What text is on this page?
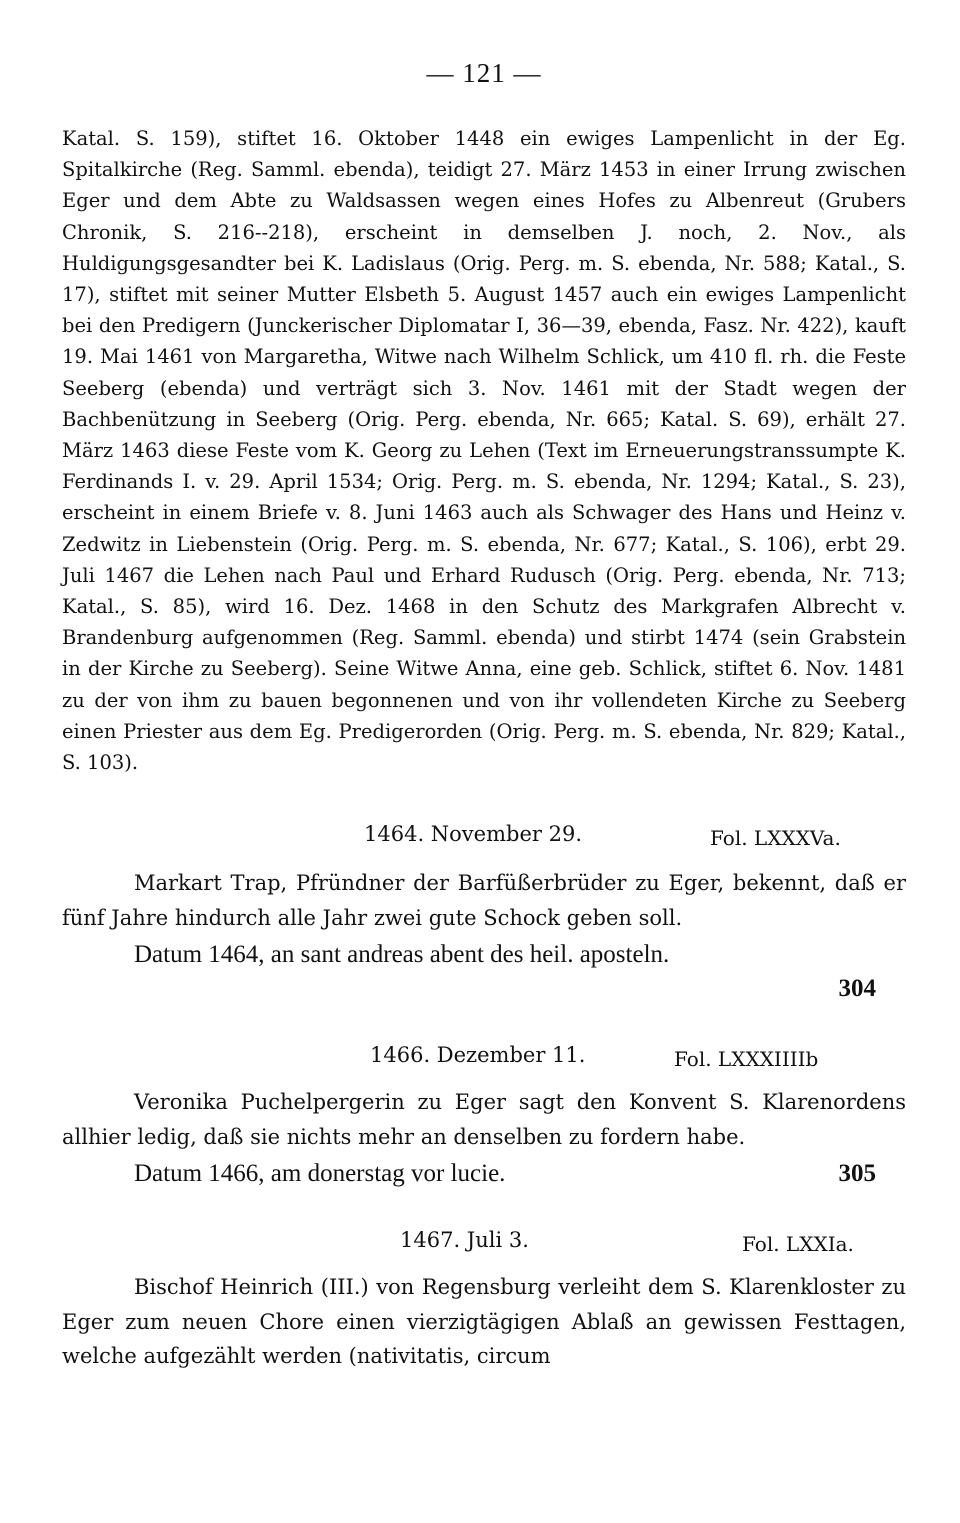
— 121 —

Katal. S. 159), stiftet 16. Oktober 1448 ein ewiges Lampenlicht in der Eg. Spitalkirche (Reg. Samml. ebenda), teidigt 27. März 1453 in einer Irrung zwischen Eger und dem Abte zu Waldsassen wegen eines Hofes zu Albenreut (Grubers Chronik, S. 216--218), erscheint in demselben J. noch, 2. Nov., als Huldigungsgesandter bei K. Ladislaus (Orig. Perg. m. S. ebenda, Nr. 588; Katal., S. 17), stiftet mit seiner Mutter Elsbeth 5. August 1457 auch ein ewiges Lampenlicht bei den Predigern (Junckerischer Diplomatar I, 36—39, ebenda, Fasz. Nr. 422), kauft 19. Mai 1461 von Margaretha, Witwe nach Wilhelm Schlick, um 410 fl. rh. die Feste Seeberg (ebenda) und verträgt sich 3. Nov. 1461 mit der Stadt wegen der Bachbenützung in Seeberg (Orig. Perg. ebenda, Nr. 665; Katal. S. 69), erhält 27. März 1463 diese Feste vom K. Georg zu Lehen (Text im Erneuerungstranssumpte K. Ferdinands I. v. 29. April 1534; Orig. Perg. m. S. ebenda, Nr. 1294; Katal., S. 23), erscheint in einem Briefe v. 8. Juni 1463 auch als Schwager des Hans und Heinz v. Zedwitz in Liebenstein (Orig. Perg. m. S. ebenda, Nr. 677; Katal., S. 106), erbt 29. Juli 1467 die Lehen nach Paul und Erhard Rudusch (Orig. Perg. ebenda, Nr. 713; Katal., S. 85), wird 16. Dez. 1468 in den Schutz des Markgrafen Albrecht v. Brandenburg aufgenommen (Reg. Samml. ebenda) und stirbt 1474 (sein Grabstein in der Kirche zu Seeberg). Seine Witwe Anna, eine geb. Schlick, stiftet 6. Nov. 1481 zu der von ihm zu bauen begonnenen und von ihr vollendeten Kirche zu Seeberg einen Priester aus dem Eg. Predigerorden (Orig. Perg. m. S. ebenda, Nr. 829; Katal., S. 103).

1464. November 29.	Fol. LXXXVa.

Markart Trap, Pfründner der Barfüßerbrüder zu Eger, bekennt, daß er fünf Jahre hindurch alle Jahr zwei gute Schock geben soll.

Datum 1464, an sant andreas abent des heil. aposteln.
304
1466. Dezember 11.	Fol. LXXXIIIIb

Veronika Puchelpergerin zu Eger sagt den Konvent S. Klarenordens allhier ledig, daß sie nichts mehr an denselben zu fordern habe.

Datum 1466, am donerstag vor lucie.	305
1467. Juli 3.	Fol. LXXIa.

Bischof Heinrich (III.) von Regensburg verleiht dem S. Klarenkloster zu Eger zum neuen Chore einen vierzigtägigen Ablaß an gewissen Festtagen, welche aufgezählt werden (nativitatis, circum
